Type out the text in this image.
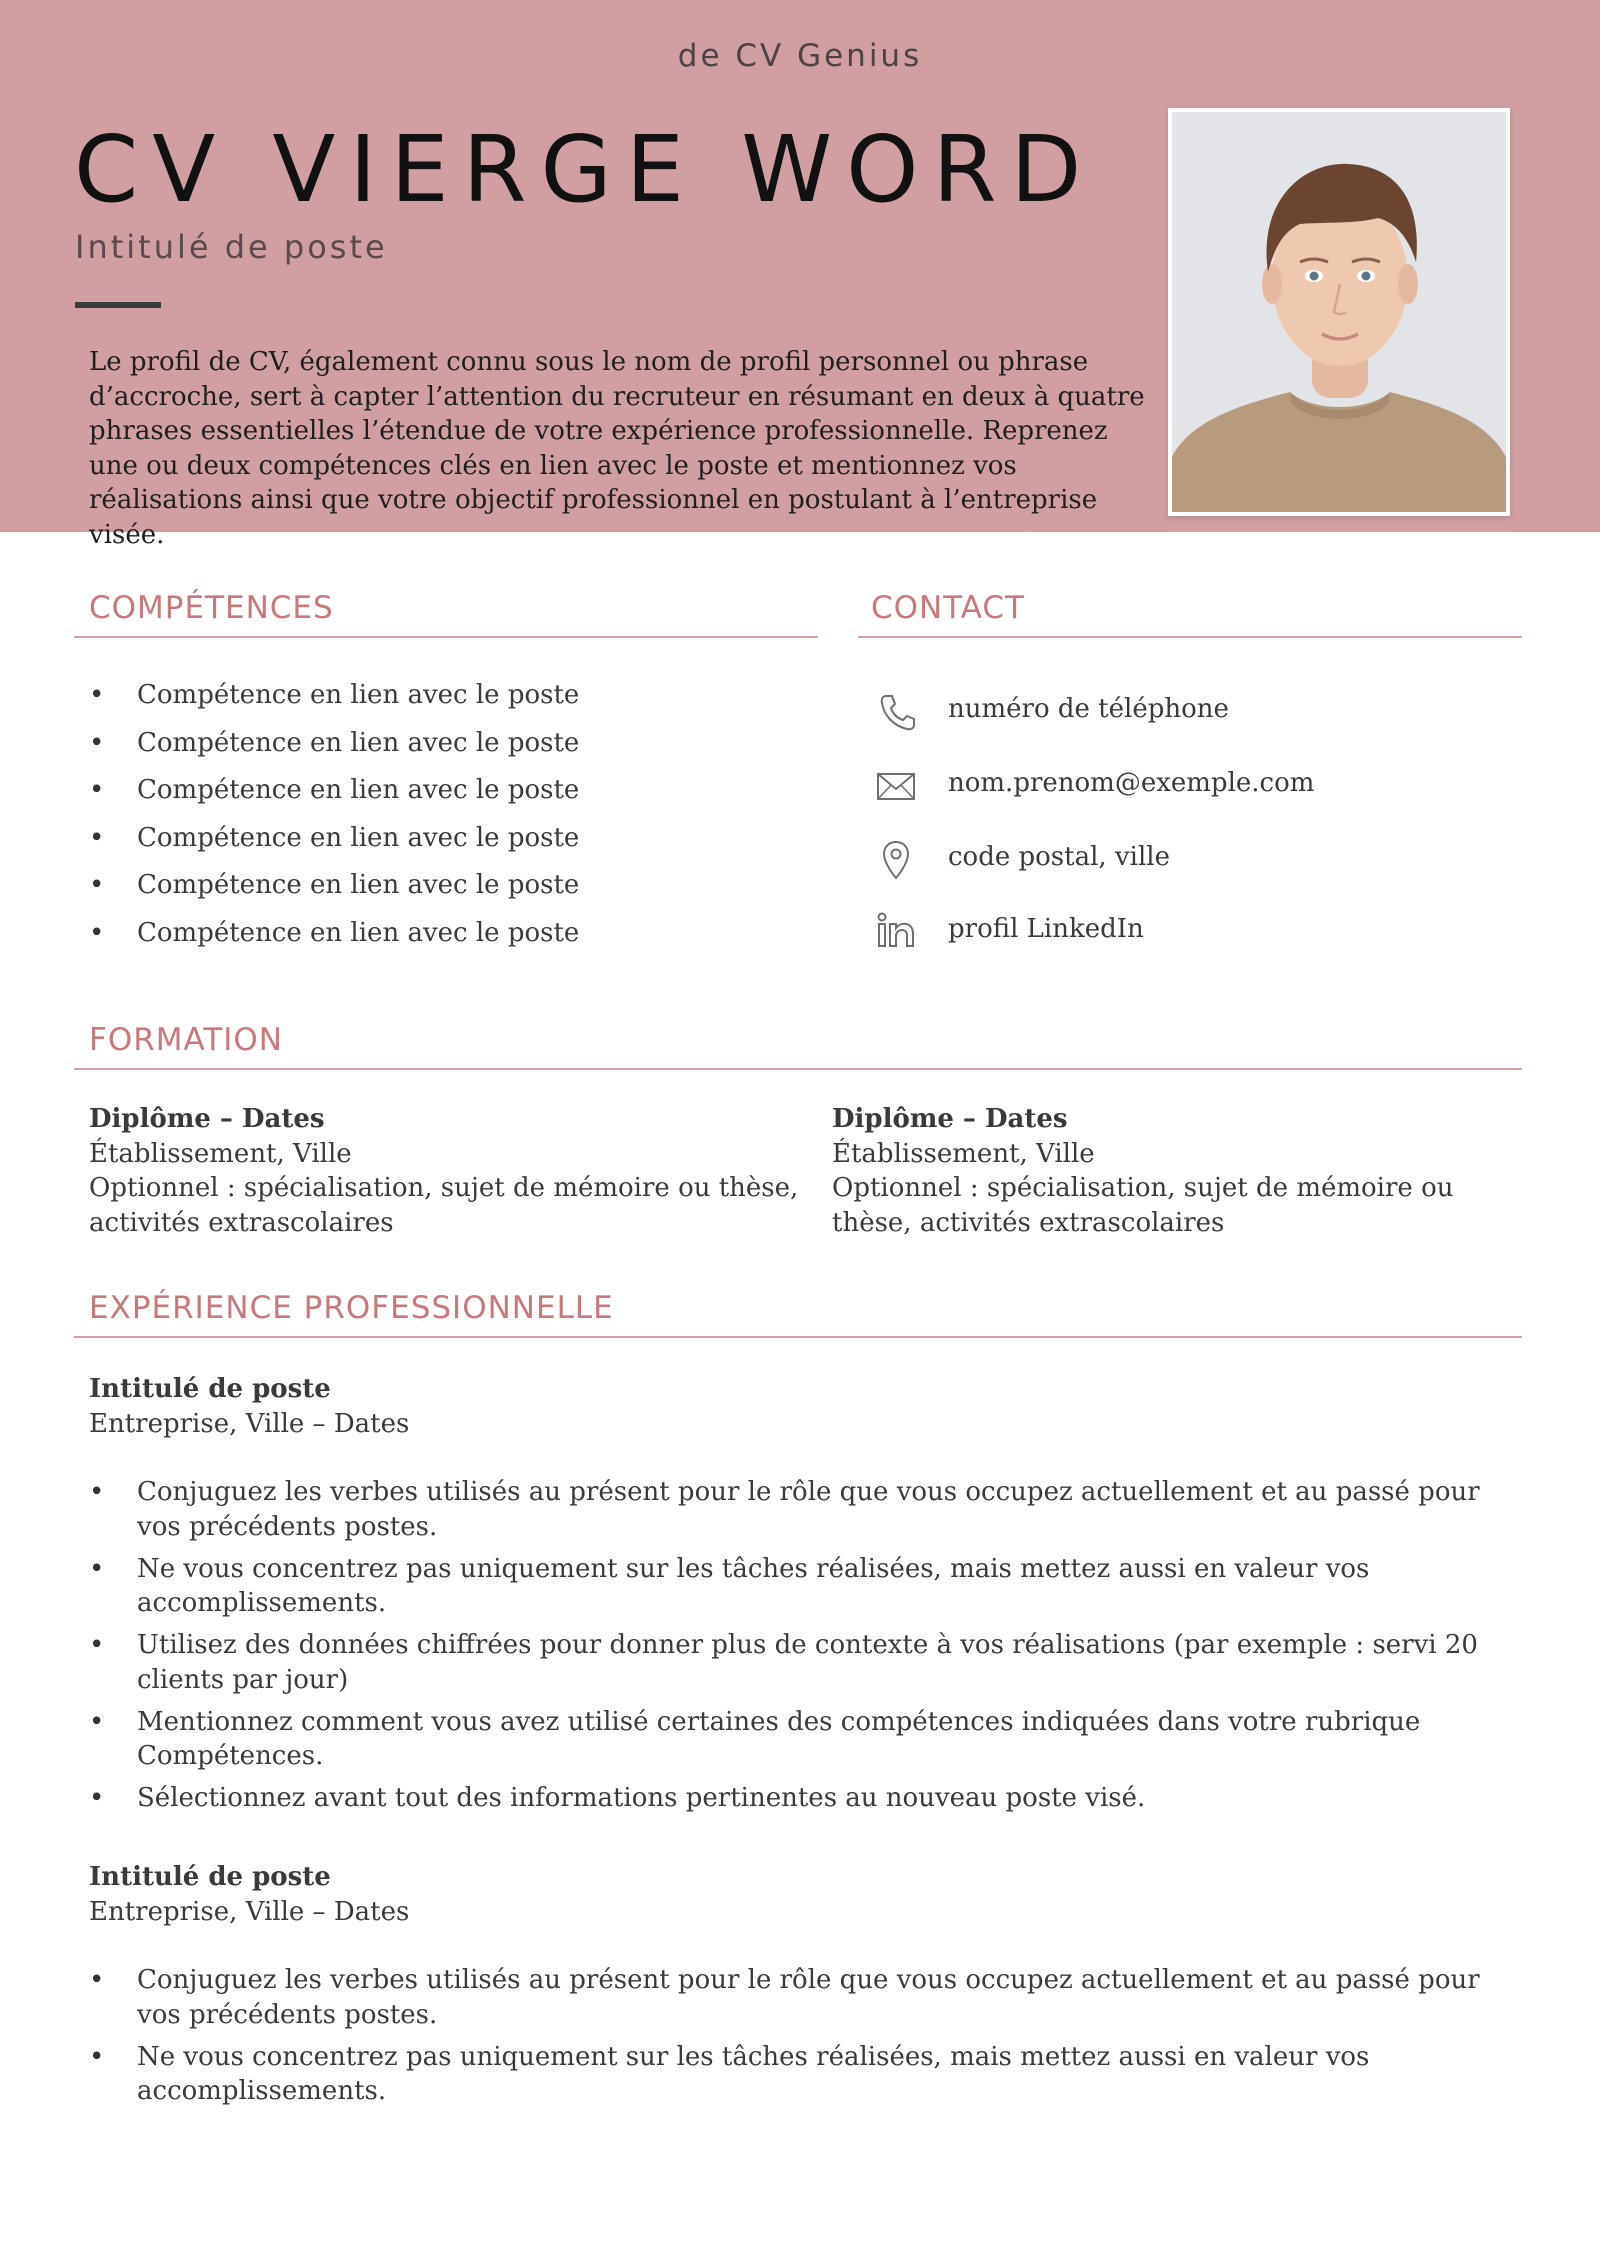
de CV Genius
CV VIERGE WORD
Intitulé de poste

Le profil de CV, également connu sous le nom de profil personnel ou phrase d’accroche, sert à capter l’attention du recruteur en résumant en deux à quatre phrases essentielles l’étendue de votre expérience professionnelle. Reprenez une ou deux compétences clés en lien avec le poste et mentionnez vos réalisations ainsi que votre objectif professionnel en postulant à l’entreprise visée.

COMPÉTENCES
• Compétence en lien avec le poste
• Compétence en lien avec le poste
• Compétence en lien avec le poste
• Compétence en lien avec le poste
• Compétence en lien avec le poste
• Compétence en lien avec le poste
CONTACT
numéro de téléphone
nom.prenom@exemple.com
code postal, ville
profil LinkedIn
FORMATION
Diplôme – Dates
Établissement, Ville
Optionnel : spécialisation, sujet de mémoire ou thèse, activités extrascolaires
Diplôme – Dates
Établissement, Ville
Optionnel : spécialisation, sujet de mémoire ou thèse, activités extrascolaires
EXPÉRIENCE PROFESSIONNELLE
Intitulé de poste
Entreprise, Ville – Dates
• Conjuguez les verbes utilisés au présent pour le rôle que vous occupez actuellement et au passé pour vos précédents postes.
• Ne vous concentrez pas uniquement sur les tâches réalisées, mais mettez aussi en valeur vos accomplissements.
• Utilisez des données chiffrées pour donner plus de contexte à vos réalisations (par exemple : servi 20 clients par jour)
• Mentionnez comment vous avez utilisé certaines des compétences indiquées dans votre rubrique Compétences.
• Sélectionnez avant tout des informations pertinentes au nouveau poste visé.
Intitulé de poste
Entreprise, Ville – Dates
• Conjuguez les verbes utilisés au présent pour le rôle que vous occupez actuellement et au passé pour vos précédents postes.
• Ne vous concentrez pas uniquement sur les tâches réalisées, mais mettez aussi en valeur vos accomplissements.
